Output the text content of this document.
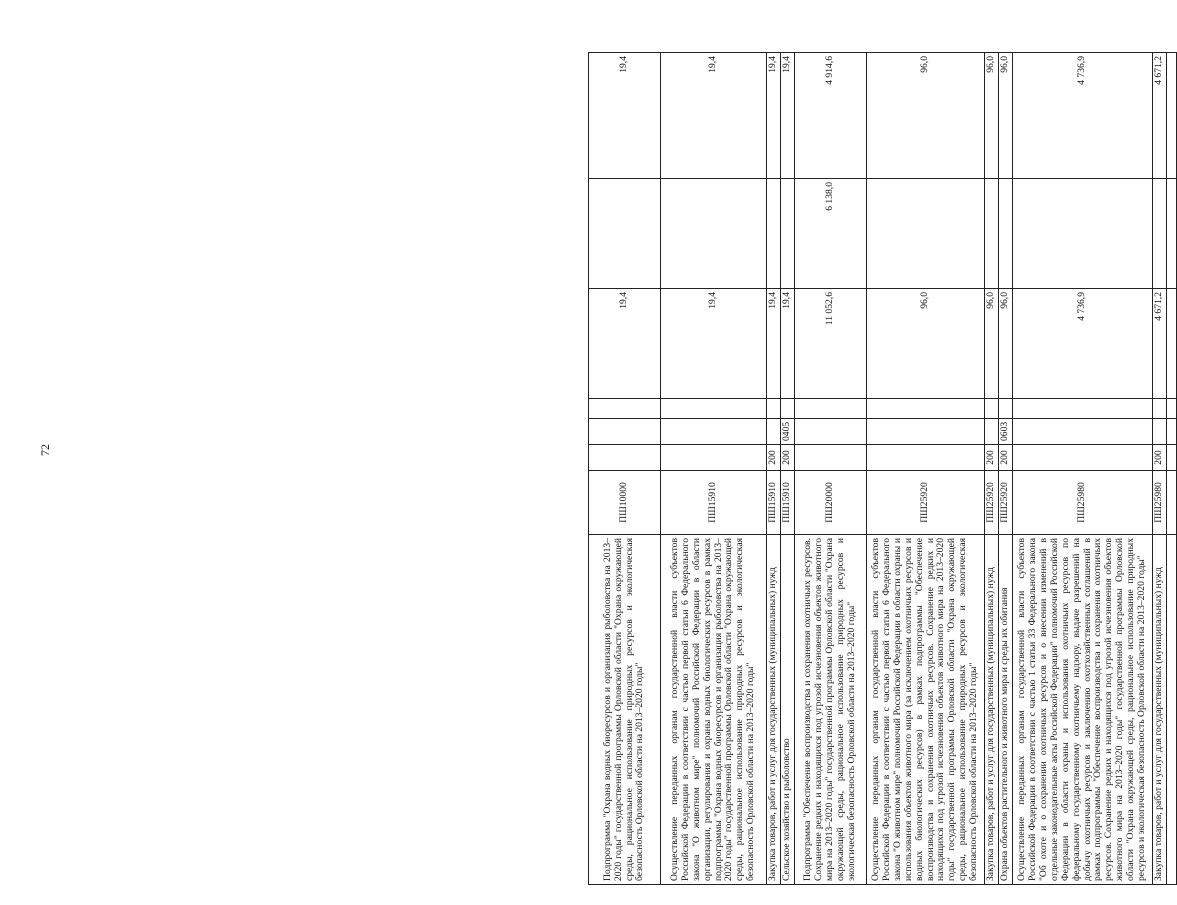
72
Подпрограмма "Охрана водных биоресурсов и организация рыболовства на 2013–2020 годы" государственной программы Орловской области "Охрана окружающей среды, рациональное использование природных ресурсов и экологическая безопасность Орловской области на 2013–2020 годы"	ПШ10000				19,4		19,4
Осуществление переданных органам государственной власти субъектов Российской Федерации в соответствии с частью первой статьи 6 Федерального закона "О животном мире" полномочий Российской Федерации в области организации, регулирования и охраны водных биологических ресурсов в рамках подпрограммы "Охрана водных биоресурсов и организация рыболовства на 2013–2020 годы" государственной программы Орловской области "Охрана окружающей среды, рациональное использование природных ресурсов и экологическая безопасность Орловской области на 2013–2020 годы"	ПШ15910				19,4		19,4
Закупка товаров, работ и услуг для государственных (муниципальных) нужд	ПШ15910	200			19,4		19,4
Сельское хозяйство и рыболовство	ПШ15910	200	0405		19,4		19,4
Подпрограмма "Обеспечение воспроизводства и сохранения охотничьих ресурсов. Сохранение редких и находящихся под угрозой исчезновения объектов животного мира на 2013–2020 годы" государственной программы Орловской области "Охрана окружающей среды, рациональное использование природных ресурсов и экологическая безопасность Орловской области на 2013–2020 годы"	ПШ20000				11 052,6	6 138,0	4 914,6
Осуществление переданных органам государственной власти субъектов Российской Федерации в соответствии с частью первой статьи 6 Федерального закона "О животном мире" полномочий Российской Федерации в области охраны и использования объектов животного мира (за исключением охотничьих ресурсов и водных биологических ресурсов) в рамках подпрограммы "Обеспечение воспроизводства и сохранения охотничьих ресурсов. Сохранение редких и находящихся под угрозой исчезновения объектов животного мира на 2013–2020 годы" государственной программы Орловской области "Охрана окружающей среды, рациональное использование природных ресурсов и экологическая безопасность Орловской области на 2013–2020 годы"	ПШ25920				96,0		96,0
Закупка товаров, работ и услуг для государственных (муниципальных) нужд	ПШ25920	200			96,0		96,0
Охрана объектов растительного и животного мира и среды их обитания	ПШ25920	200	0603		96,0		96,0
Осуществление переданных органам государственной власти субъектов Российской Федерации в соответствии с частью 1 статьи 33 Федерального закона "Об охоте и о сохранении охотничьих ресурсов и о внесении изменений в отдельные законодательные акты Российской Федерации" полномочий Российской Федерации в области охраны и использования охотничьих ресурсов по федеральному государственному охотничьему надзору, выдаче разрешений на добычу охотничьих ресурсов и заключению охотхозяйственных соглашений в рамках подпрограммы "Обеспечение воспроизводства и сохранения охотничьих ресурсов. Сохранение редких и находящихся под угрозой исчезновения объектов животного мира на 2013–2020 годы" государственной программы Орловской области "Охрана окружающей среды, рациональное использование природных ресурсов и экологическая безопасность Орловской области на 2013–2020 годы"	ПШ25980				4 736,9		4 736,9
Закупка товаров, работ и услуг для государственных (муниципальных) нужд	ПШ25980	200			4 671,2		4 671,2
